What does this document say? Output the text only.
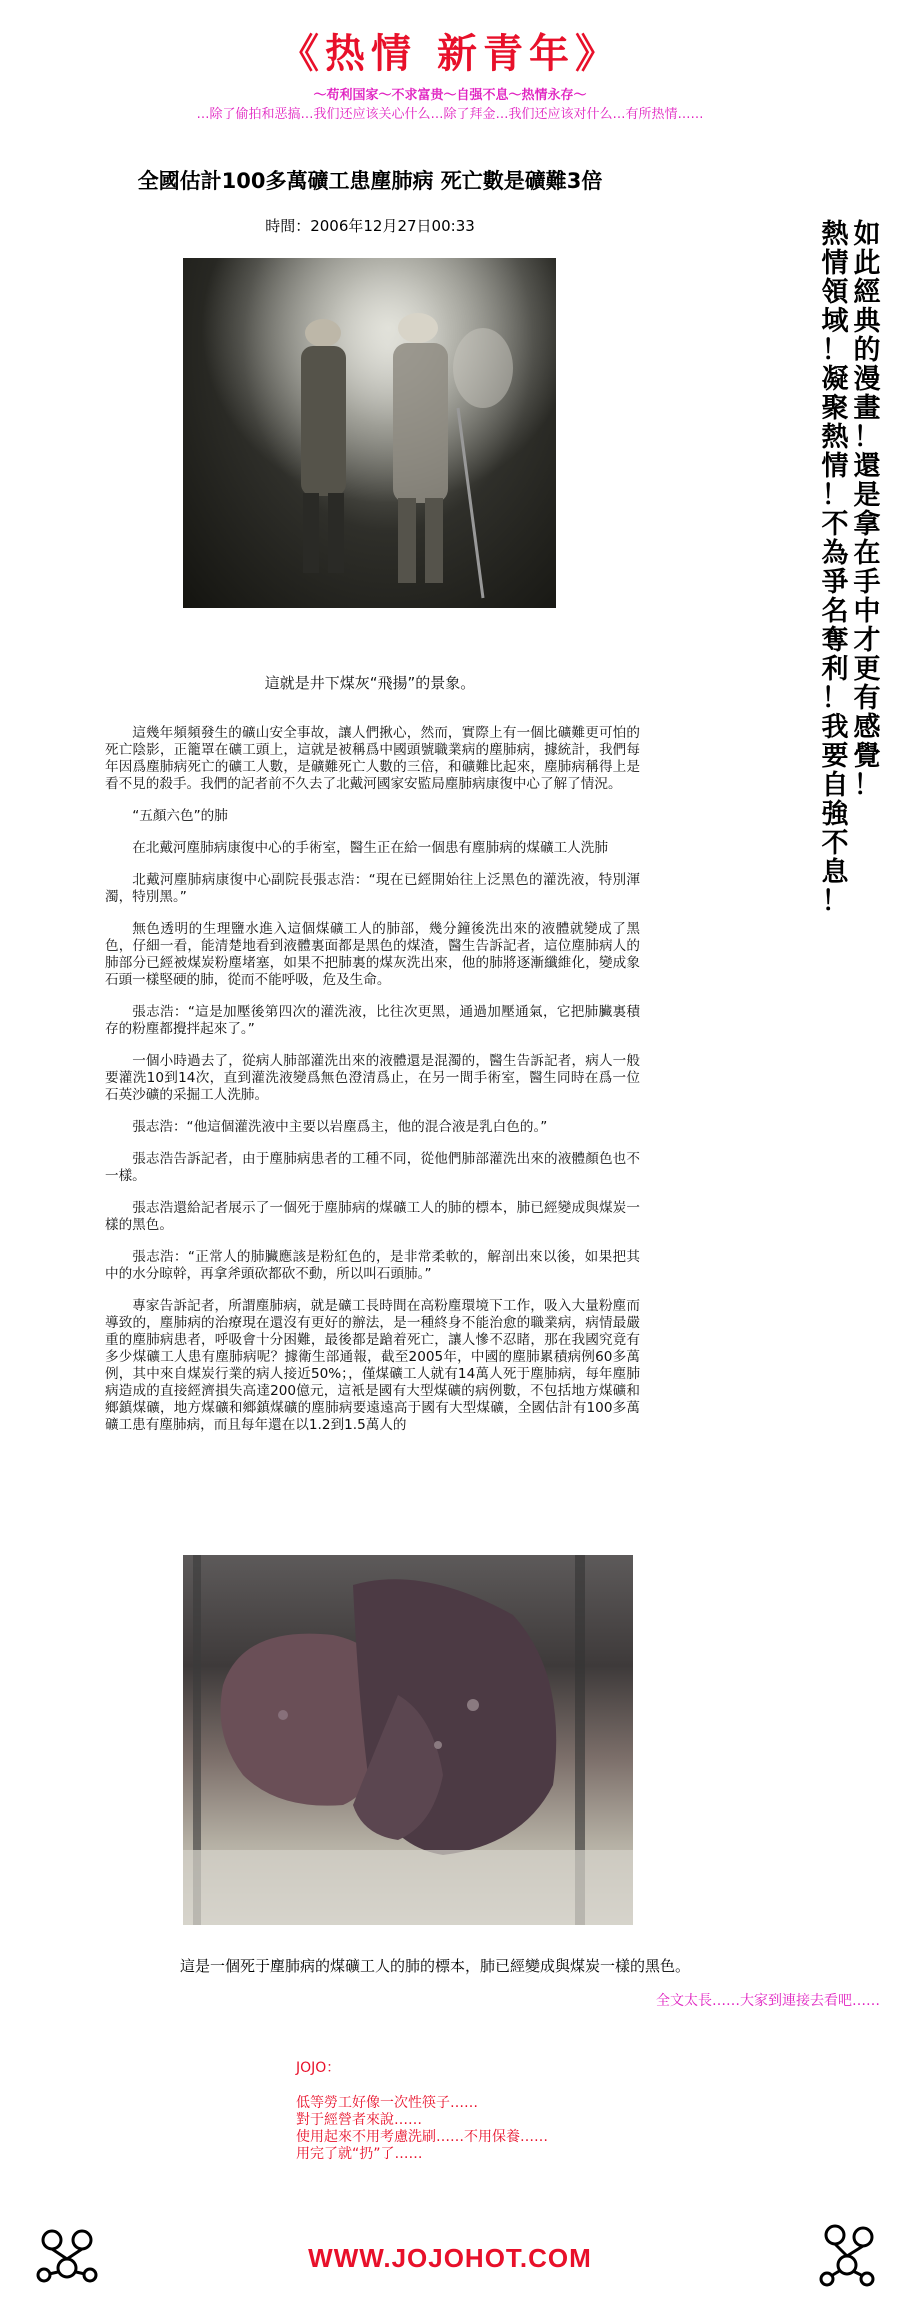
《热情 新青年》
～苟利国家～不求富贵～自强不息～热情永存～
…除了偷拍和恶搞…我们还应该关心什么…除了拜金…我们还应该对什么…有所热情……
全國估計100多萬礦工患塵肺病 死亡數是礦難3倍
時間：2006年12月27日00:33
這就是井下煤灰“飛揚”的景象。

這幾年頻頻發生的礦山安全事故，讓人們揪心，然而，實際上有一個比礦難更可怕的死亡陰影，正籠罩在礦工頭上，這就是被稱爲中國頭號職業病的塵肺病，據統計，我們每年因爲塵肺病死亡的礦工人數，是礦難死亡人數的三倍，和礦難比起來，塵肺病稱得上是看不見的殺手。我們的記者前不久去了北戴河國家安監局塵肺病康復中心了解了情況。

“五顏六色”的肺

在北戴河塵肺病康復中心的手術室，醫生正在給一個患有塵肺病的煤礦工人洗肺

北戴河塵肺病康復中心副院長張志浩：“現在已經開始往上泛黑色的灌洗液，特別渾濁，特別黑。”

無色透明的生理鹽水進入這個煤礦工人的肺部，幾分鐘後洗出來的液體就變成了黑色，仔細一看，能清楚地看到液體裏面都是黑色的煤渣，醫生告訴記者，這位塵肺病人的肺部分已經被煤炭粉塵堵塞，如果不把肺裏的煤灰洗出來，他的肺將逐漸纖維化，變成象石頭一樣堅硬的肺，從而不能呼吸，危及生命。

張志浩：“這是加壓後第四次的灌洗液，比往次更黑，通過加壓通氣，它把肺臟裏積存的粉塵都攪拌起來了。”

一個小時過去了，從病人肺部灌洗出來的液體還是混濁的，醫生告訴記者，病人一般要灌洗10到14次，直到灌洗液變爲無色澄清爲止，在另一間手術室，醫生同時在爲一位石英沙礦的采掘工人洗肺。

張志浩：“他這個灌洗液中主要以岩塵爲主，他的混合液是乳白色的。”

張志浩告訴記者，由于塵肺病患者的工種不同，從他們肺部灌洗出來的液體顏色也不一樣。

張志浩還給記者展示了一個死于塵肺病的煤礦工人的肺的標本，肺已經變成與煤炭一樣的黑色。

張志浩：“正常人的肺臟應該是粉紅色的，是非常柔軟的，解剖出來以後，如果把其中的水分晾幹，再拿斧頭砍都砍不動，所以叫石頭肺。”

專家告訴記者，所謂塵肺病，就是礦工長時間在高粉塵環境下工作，吸入大量粉塵而導致的，塵肺病的治療現在還沒有更好的辦法，是一種終身不能治愈的職業病，病情最嚴重的塵肺病患者，呼吸會十分困難，最後都是蹌着死亡，讓人慘不忍睹，那在我國究竟有多少煤礦工人患有塵肺病呢？據衛生部通報，截至2005年，中國的塵肺累積病例60多萬例，其中來自煤炭行業的病人接近50%；，僅煤礦工人就有14萬人死于塵肺病，每年塵肺病造成的直接經濟損失高達200億元，這衹是國有大型煤礦的病例數，不包括地方煤礦和鄉鎮煤礦，地方煤礦和鄉鎮煤礦的塵肺病要遠遠高于國有大型煤礦，全國估計有100多萬礦工患有塵肺病，而且每年還在以1.2到1.5萬人的

這是一個死于塵肺病的煤礦工人的肺的標本，肺已經變成與煤炭一樣的黑色。
全文太長……大家到連接去看吧……
JOJO：
低等勞工好像一次性筷子……
對于經營者來說……
使用起來不用考慮洗刷……不用保養……
用完了就“扔”了……
熱
情
領
域
！
凝
聚
熱
情
！
不
為
爭
名
奪
利
！
我
要
自
強
不
息
！
如
此
經
典
的
漫
畫
！
還
是
拿
在
手
中
才
更
有
感
覺
！
WWW.JOJOHOT.COM
